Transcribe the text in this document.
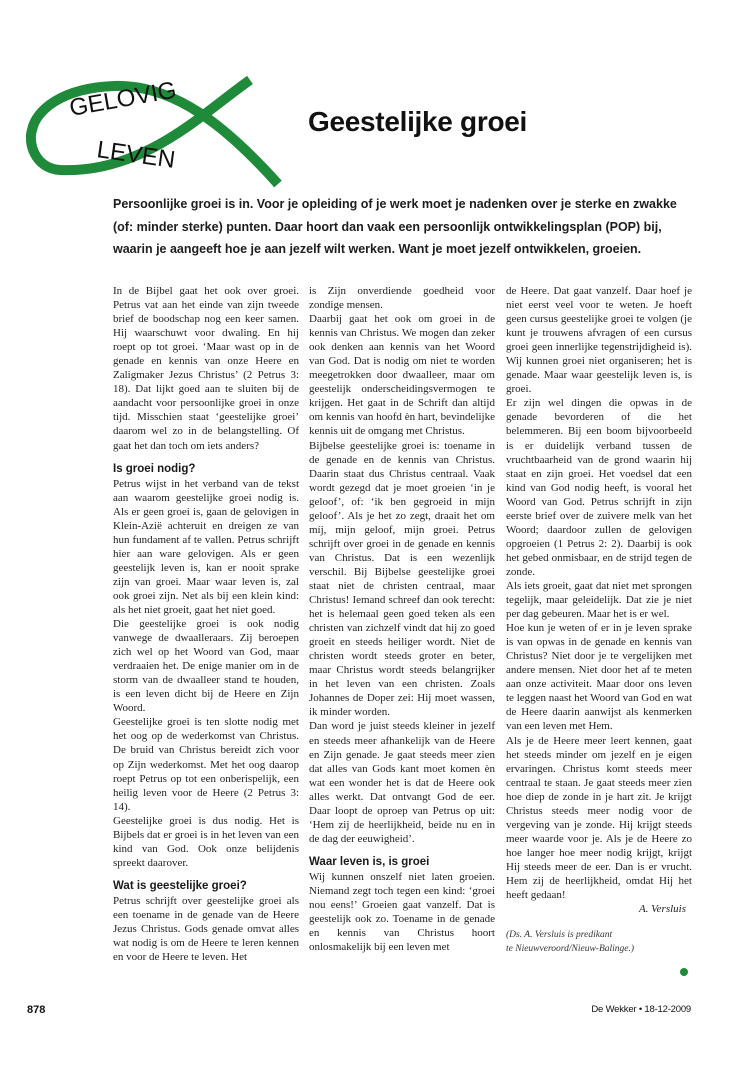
GELOVIG
LEVEN
Geestelijke groei

Persoonlijke groei is in. Voor je opleiding of je werk moet je nadenken over je sterke en zwakke (of: minder sterke) punten. Daar hoort dan vaak een persoonlijk ontwikkelingsplan (POP) bij, waarin je aangeeft hoe je aan jezelf wilt werken. Want je moet jezelf ontwikkelen, groeien.

In de Bijbel gaat het ook over groei. Petrus vat aan het einde van zijn tweede brief de boodschap nog een keer samen. Hij waarschuwt voor dwaling. En hij roept op tot groei. ‘Maar wast op in de genade en kennis van onze Heere en Zaligmaker Jezus Christus’ (2 Petrus 3: 18). Dat lijkt goed aan te sluiten bij de aandacht voor persoonlijke groei in onze tijd. Misschien staat ‘geestelijke groei’ daarom wel zo in de belangstelling. Of gaat het dan toch om iets anders?

Is groei nodig?

Petrus wijst in het verband van de tekst aan waarom geestelijke groei nodig is. Als er geen groei is, gaan de gelovigen in Klein-Azië achteruit en dreigen ze van hun fundament af te vallen. Petrus schrijft hier aan ware gelovigen. Als er geen geestelijk leven is, kan er nooit sprake zijn van groei. Maar waar leven is, zal ook groei zijn. Net als bij een klein kind: als het niet groeit, gaat het niet goed.

Die geestelijke groei is ook nodig vanwege de dwaalleraars. Zij beroepen zich wel op het Woord van God, maar verdraaien het. De enige manier om in de storm van de dwaalleer stand te houden, is een leven dicht bij de Heere en Zijn Woord.

Geestelijke groei is ten slotte nodig met het oog op de wederkomst van Christus. De bruid van Christus bereidt zich voor op Zijn wederkomst. Met het oog daarop roept Petrus op tot een onberispelijk, een heilig leven voor de Heere (2 Petrus 3: 14).

Geestelijke groei is dus nodig. Het is Bijbels dat er groei is in het leven van een kind van God. Ook onze belijdenis spreekt daarover.

Wat is geestelijke groei?

Petrus schrijft over geestelijke groei als een toename in de genade van de Heere Jezus Christus. Gods genade omvat alles wat nodig is om de Heere te leren kennen en voor de Heere te leven. Het

is Zijn onverdiende goedheid voor zondige mensen.

Daarbij gaat het ook om groei in de kennis van Christus. We mogen dan zeker ook denken aan kennis van het Woord van God. Dat is nodig om niet te worden meegetrokken door dwaalleer, maar om geestelijk onderscheidingsvermogen te krijgen. Het gaat in de Schrift dan altijd om kennis van hoofd èn hart, bevindelijke kennis uit de omgang met Christus.

Bijbelse geestelijke groei is: toename in de genade en de kennis van Christus. Daarin staat dus Christus centraal. Vaak wordt gezegd dat je moet groeien ‘in je geloof’, of: ‘ik ben gegroeid in mijn geloof’. Als je het zo zegt, draait het om míj, mijn geloof, mijn groei. Petrus schrijft over groei in de genade en kennis van Christus. Dat is een wezenlijk verschil. Bij Bijbelse geestelijke groei staat niet de christen centraal, maar Christus! Iemand schreef dan ook terecht: het is helemaal geen goed teken als een christen van zichzelf vindt dat hij zo goed groeit en steeds heiliger wordt. Niet de christen wordt steeds groter en beter, maar Christus wordt steeds belangrijker in het leven van een christen. Zoals Johannes de Doper zei: Hij moet wassen, ik minder worden.

Dan word je juist steeds kleiner in jezelf en steeds meer afhankelijk van de Heere en Zijn genade. Je gaat steeds meer zien dat alles van Gods kant moet komen èn wat een wonder het is dat de Heere ook alles werkt. Dat ontvangt God de eer. Daar loopt de oproep van Petrus op uit: ‘Hem zij de heerlijkheid, beide nu en in de dag der eeuwigheid’.

Waar leven is, is groei

Wij kunnen onszelf niet laten groeien. Niemand zegt toch tegen een kind: ‘groei nou eens!’ Groeien gaat vanzelf. Dat is geestelijk ook zo. Toename in de genade en kennis van Christus hoort onlosmakelijk bij een leven met

de Heere. Dat gaat vanzelf. Daar hoef je niet eerst veel voor te weten. Je hoeft geen cursus geestelijke groei te volgen (je kunt je trouwens afvragen of een cursus groei geen innerlijke tegenstrijdigheid is). Wij kunnen groei niet organiseren; het is genade. Maar waar geestelijk leven is, ís groei.

Er zijn wel dingen die opwas in de genade bevorderen of die het belemmeren. Bij een boom bijvoorbeeld is er duidelijk verband tussen de vruchtbaarheid van de grond waarin hij staat en zijn groei. Het voedsel dat een kind van God nodig heeft, is vooral het Woord van God. Petrus schrijft in zijn eerste brief over de zuivere melk van het Woord; daardoor zullen de gelovigen opgroeien (1 Petrus 2: 2). Daarbij is ook het gebed onmisbaar, en de strijd tegen de zonde.

Als iets groeit, gaat dat niet met sprongen tegelijk, maar geleidelijk. Dat zie je niet per dag gebeuren. Maar het is er wel.

Hoe kun je weten of er in je leven sprake is van opwas in de genade en kennis van Christus? Niet door je te vergelijken met andere mensen. Niet door het af te meten aan onze activiteit. Maar door ons leven te leggen naast het Woord van God en wat de Heere daarin aanwijst als kenmerken van een leven met Hem.

Als je de Heere meer leert kennen, gaat het steeds minder om jezelf en je eigen ervaringen. Christus komt steeds meer centraal te staan. Je gaat steeds meer zien hoe diep de zonde in je hart zit. Je krijgt Christus steeds meer nodig voor de vergeving van je zonde. Hij krijgt steeds meer waarde voor je. Als je de Heere zo hoe langer hoe meer nodig krijgt, krijgt Hij steeds meer de eer. Dan is er vrucht. Hem zij de heerlijkheid, omdat Hij het heeft gedaan!

A. Versluis

(Ds. A. Versluis is predikant
te Nieuwveroord/Nieuw-Balinge.)

878	De Wekker • 18-12-2009
